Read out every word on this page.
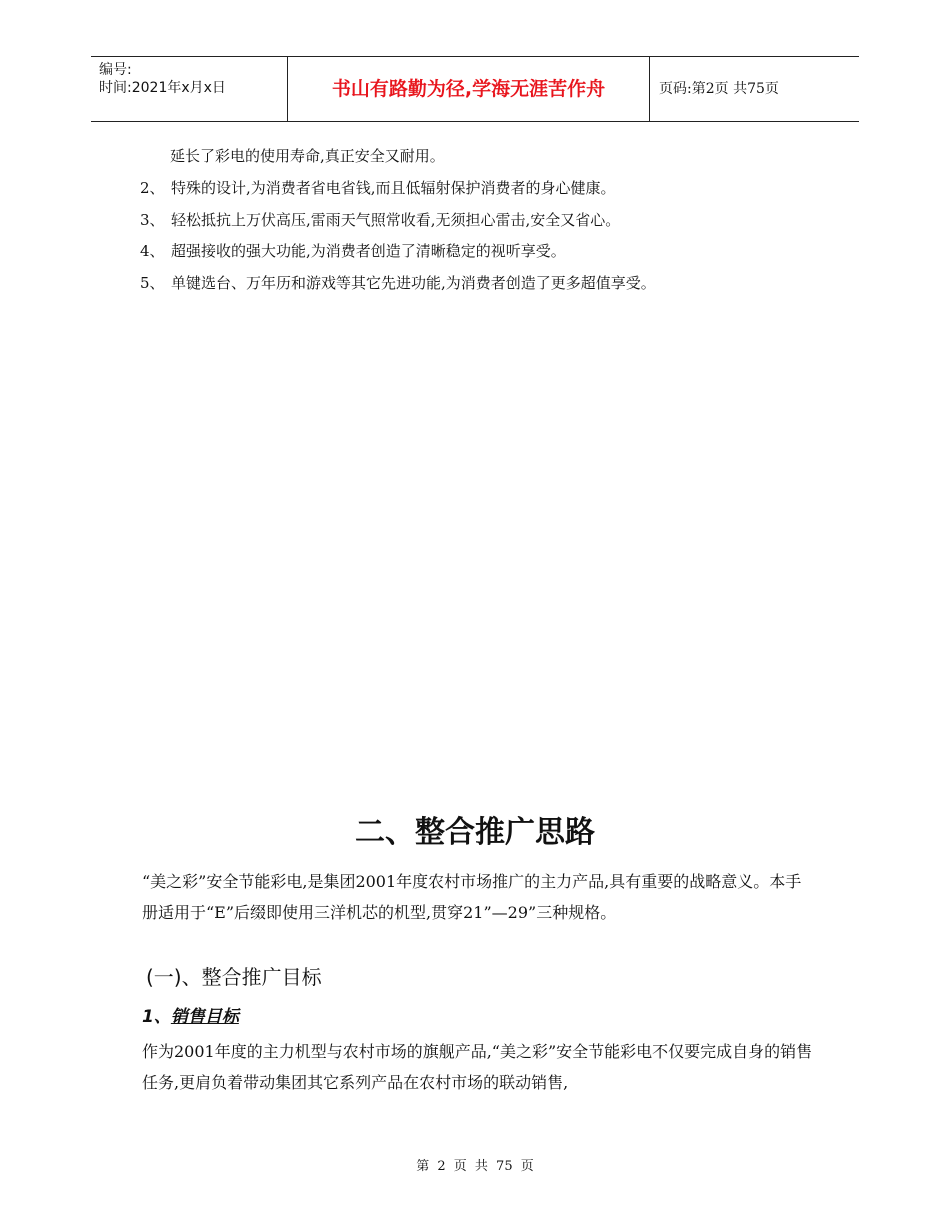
编号:
时间:2021年x月x日	书山有路勤为径,学海无涯苦作舟	页码:第2页 共75页
延长了彩电的使用寿命,真正安全又耐用。
2、 特殊的设计,为消费者省电省钱,而且低辐射保护消费者的身心健康。
3、 轻松抵抗上万伏高压,雷雨天气照常收看,无须担心雷击,安全又省心。
4、 超强接收的强大功能,为消费者创造了清晰稳定的视听享受。
5、 单键选台、万年历和游戏等其它先进功能,为消费者创造了更多超值享受。
二、整合推广思路
“美之彩”安全节能彩电,是集团2001年度农村市场推广的主力产品,具有重要的战略意义。本手册适用于“E”后缀即使用三洋机芯的机型,贯穿21”—29”三种规格。
(一)、整合推广目标
1、销售目标
作为2001年度的主力机型与农村市场的旗舰产品,“美之彩”安全节能彩电不仅要完成自身的销售任务,更肩负着带动集团其它系列产品在农村市场的联动销售,
第 2 页 共 75 页
